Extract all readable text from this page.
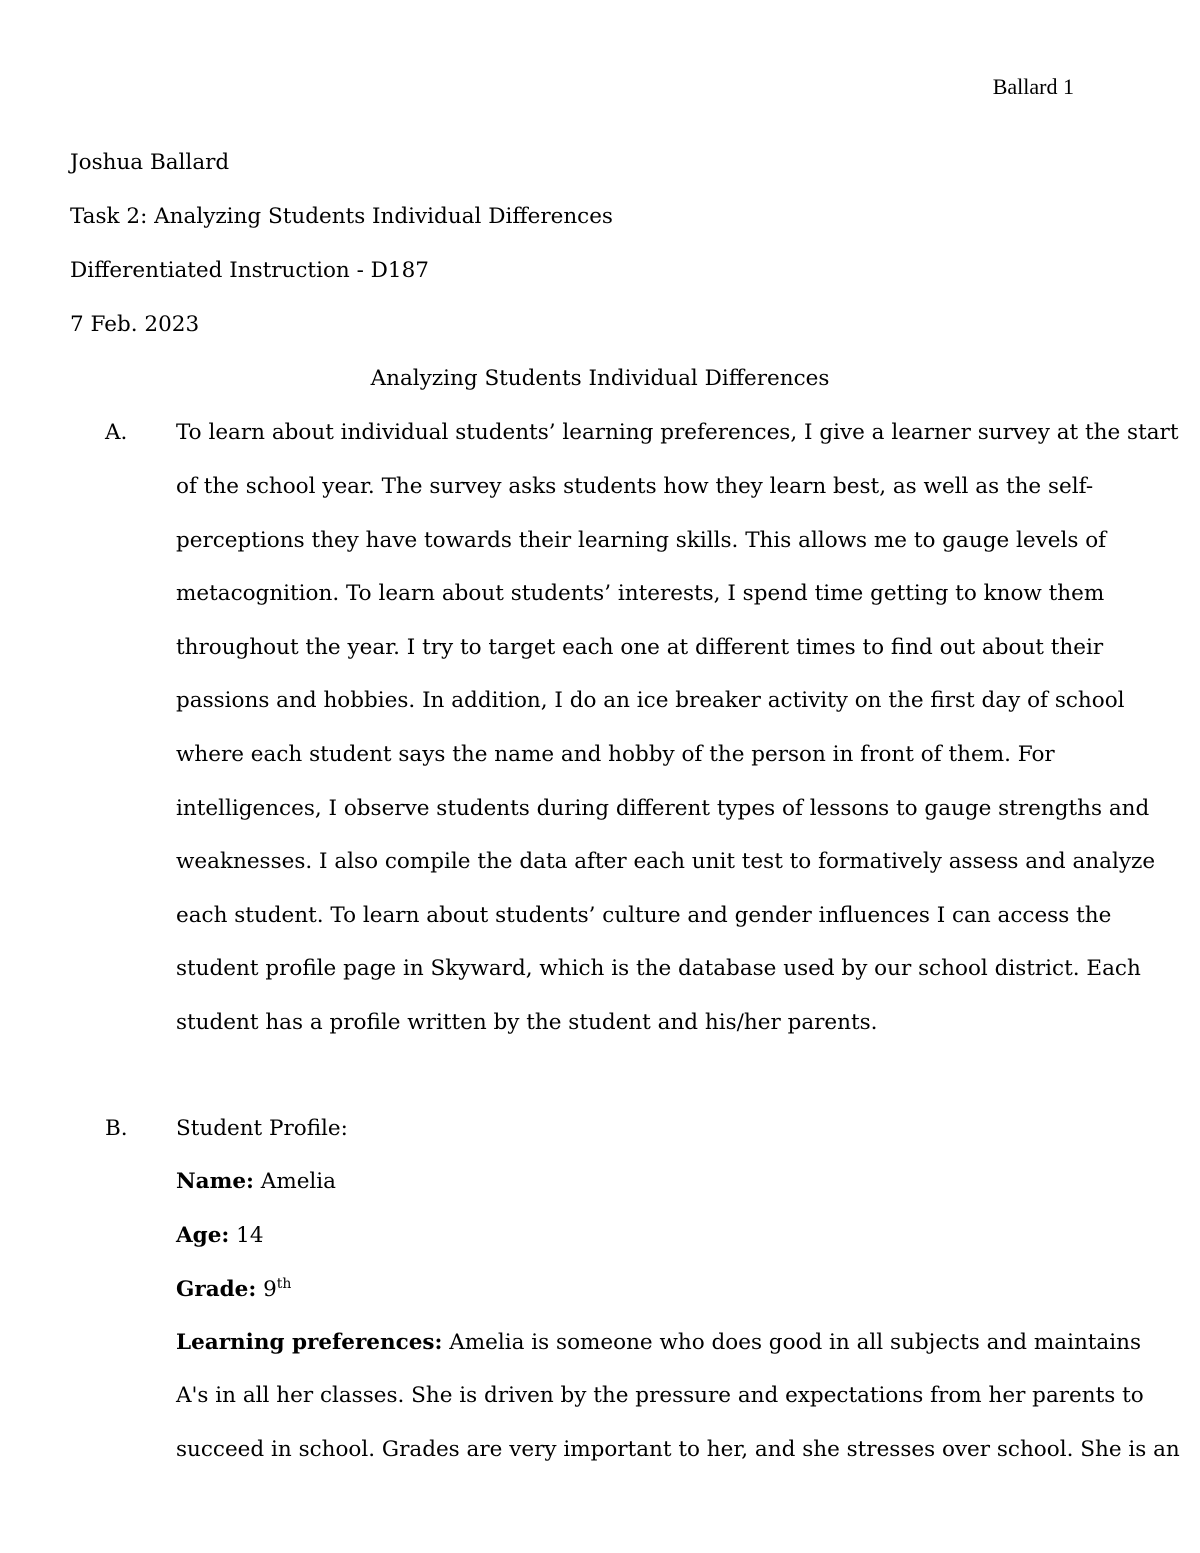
Ballard 1
Joshua Ballard
Task 2: Analyzing Students Individual Differences
Differentiated Instruction - D187
7 Feb. 2023
Analyzing Students Individual Differences
A. To learn about individual students’ learning preferences, I give a learner survey at the start
of the school year. The survey asks students how they learn best, as well as the self-
perceptions they have towards their learning skills. This allows me to gauge levels of
metacognition. To learn about students’ interests, I spend time getting to know them
throughout the year. I try to target each one at different times to find out about their
passions and hobbies. In addition, I do an ice breaker activity on the first day of school
where each student says the name and hobby of the person in front of them. For
intelligences, I observe students during different types of lessons to gauge strengths and
weaknesses. I also compile the data after each unit test to formatively assess and analyze
each student. To learn about students’ culture and gender influences I can access the
student profile page in Skyward, which is the database used by our school district. Each
student has a profile written by the student and his/her parents.
B. Student Profile:
Name: Amelia
Age: 14
Grade: 9th
Learning preferences: Amelia is someone who does good in all subjects and maintains
A's in all her classes. She is driven by the pressure and expectations from her parents to
succeed in school. Grades are very important to her, and she stresses over school. She is an
